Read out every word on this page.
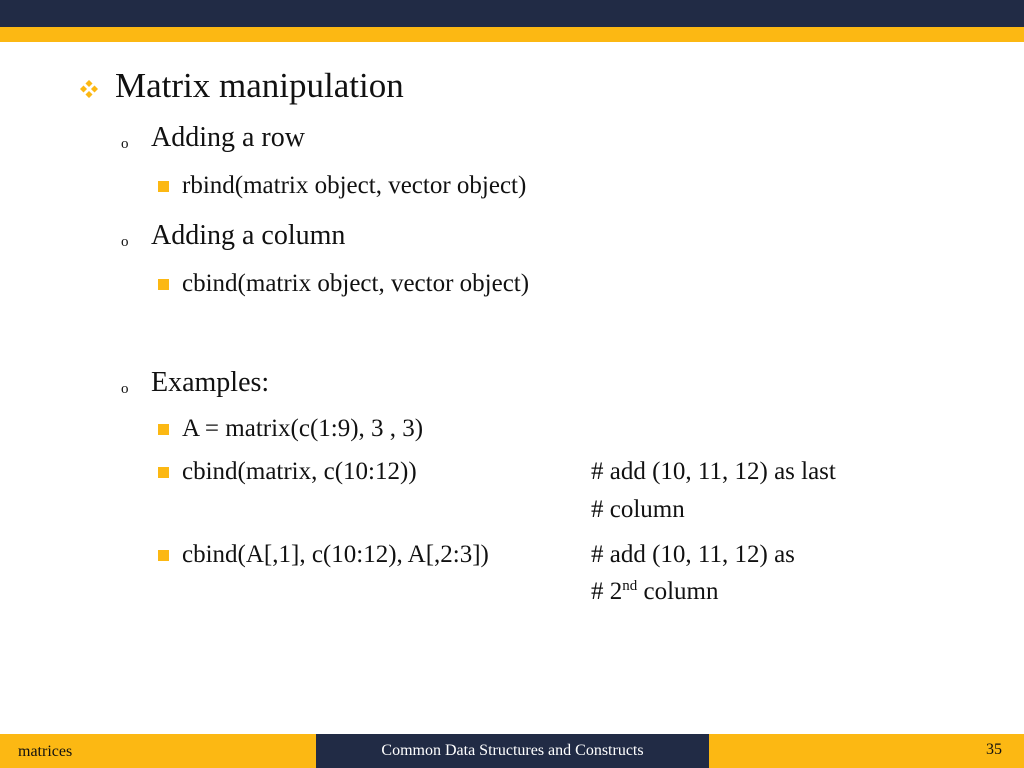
Matrix manipulation
o Adding a row
rbind(matrix object, vector object)
o Adding a column
cbind(matrix object, vector object)
o Examples:
A = matrix(c(1:9), 3 , 3)
cbind(matrix, c(10:12))	# add (10, 11, 12) as last
# column
cbind(A[,1], c(10:12), A[,2:3])	# add (10, 11, 12) as
# 2nd column
Common Data Structures and Constructs
matrices	35
